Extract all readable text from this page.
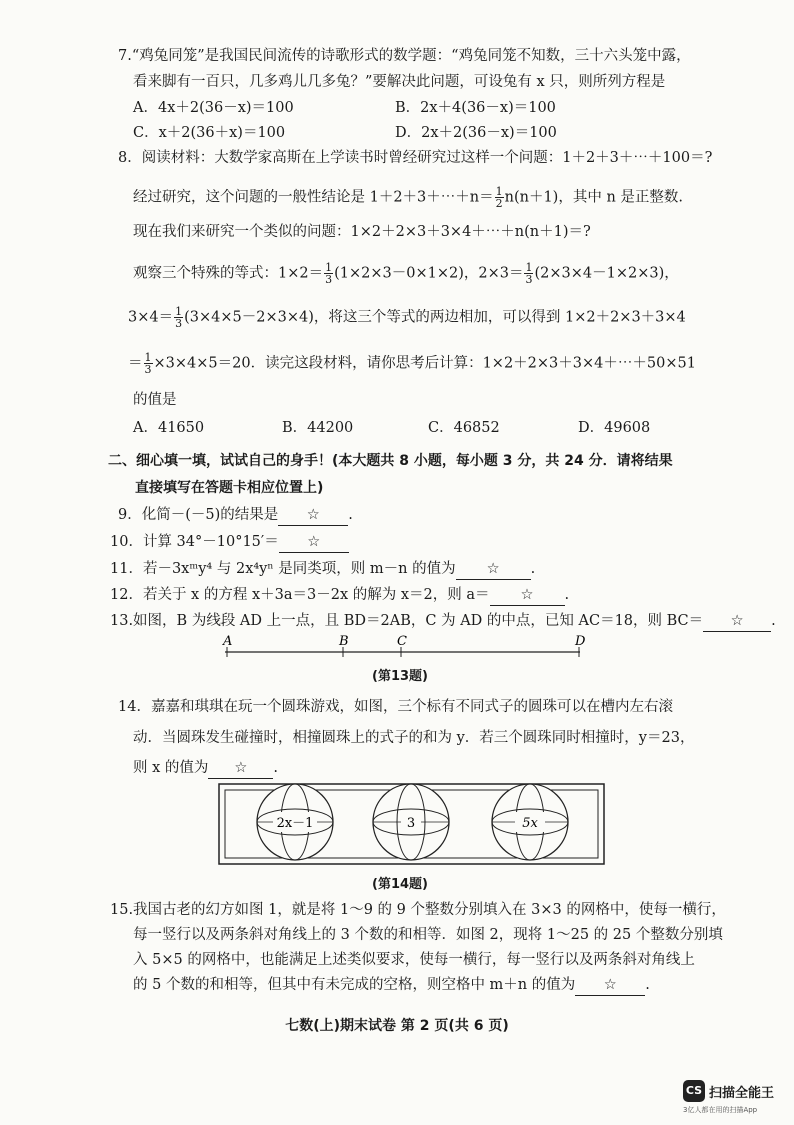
7.“鸡兔同笼”是我国民间流传的诗歌形式的数学题：“鸡兔同笼不知数，三十六头笼中露，
看来脚有一百只，几多鸡儿几多兔？”要解决此问题，可设兔有 x 只，则所列方程是
A．4x＋2(36－x)＝100	B．2x＋4(36－x)＝100
C．x＋2(36＋x)＝100	D．2x＋2(36－x)＝100
8．阅读材料：大数学家高斯在上学读书时曾经研究过这样一个问题：1＋2＋3＋⋯＋100＝?
经过研究，这个问题的一般性结论是 1＋2＋3＋⋯＋n＝ $\frac{1}{2} n(n+1)$，其中 n 是正整数.
现在我们来研究一个类似的问题：1×2＋2×3＋3×4＋⋯＋n(n＋1)＝?
观察三个特殊的等式：$1\times 2= \frac{1}{3} (1\times 2\times 3-0\times 1\times 2)$，$2\times 3= \frac{1}{3} (2\times 3\times 4-1\times 2\times 3)$，
$3\times 4= \frac{1}{3} (3\times 4\times 5-2\times 3\times 4)$，将这三个等式的两边相加，可以得到 1×2＋2×3＋3×4
＝ $\frac{1}{3} \times 3\times 4\times 5=20$．读完这段材料，请你思考后计算：1×2＋2×3＋3×4＋⋯＋50×51
的值是
A．41650	B．44200	C．46852	D．49608
二、细心填一填，试试自己的身手！(本大题共 8 小题，每小题 3 分，共 24 分．请将结果
直接填写在答题卡相应位置上)
9．化简－(－5)的结果是 ☆ .
10．计算 34°－10°15′＝ ☆
11．若－3xᵐy⁴ 与 2x⁴yⁿ 是同类项，则 m－n 的值为 ☆ .
12．若关于 x 的方程 x＋3a＝3－2x 的解为 x＝2，则 a＝ ☆ .
13.如图，B 为线段 AD 上一点，且 BD＝2AB，C 为 AD 的中点，已知 AC＝18，则 BC＝ ☆ .
A	B	C	D
(第13题)
14．嘉嘉和琪琪在玩一个圆珠游戏，如图，三个标有不同式子的圆珠可以在槽内左右滚
动．当圆珠发生碰撞时，相撞圆珠上的式子的和为 y．若三个圆珠同时相撞时，y＝23，
则 x 的值为 ☆ .
2x－1	3	5x
(第14题)
15.我国古老的幻方如图 1，就是将 1～9 的 9 个整数分别填入在 3×3 的网格中，使每一横行，
每一竖行以及两条斜对角线上的 3 个数的和相等．如图 2，现将 1～25 的 25 个整数分别填
入 5×5 的网格中，也能满足上述类似要求，使每一横行，每一竖行以及两条斜对角线上
的 5 个数的和相等，但其中有未完成的空格，则空格中 m＋n 的值为 ☆ .
七数(上)期末试卷 第 2 页(共 6 页)
CS 扫描全能王
3亿人都在用的扫描App
